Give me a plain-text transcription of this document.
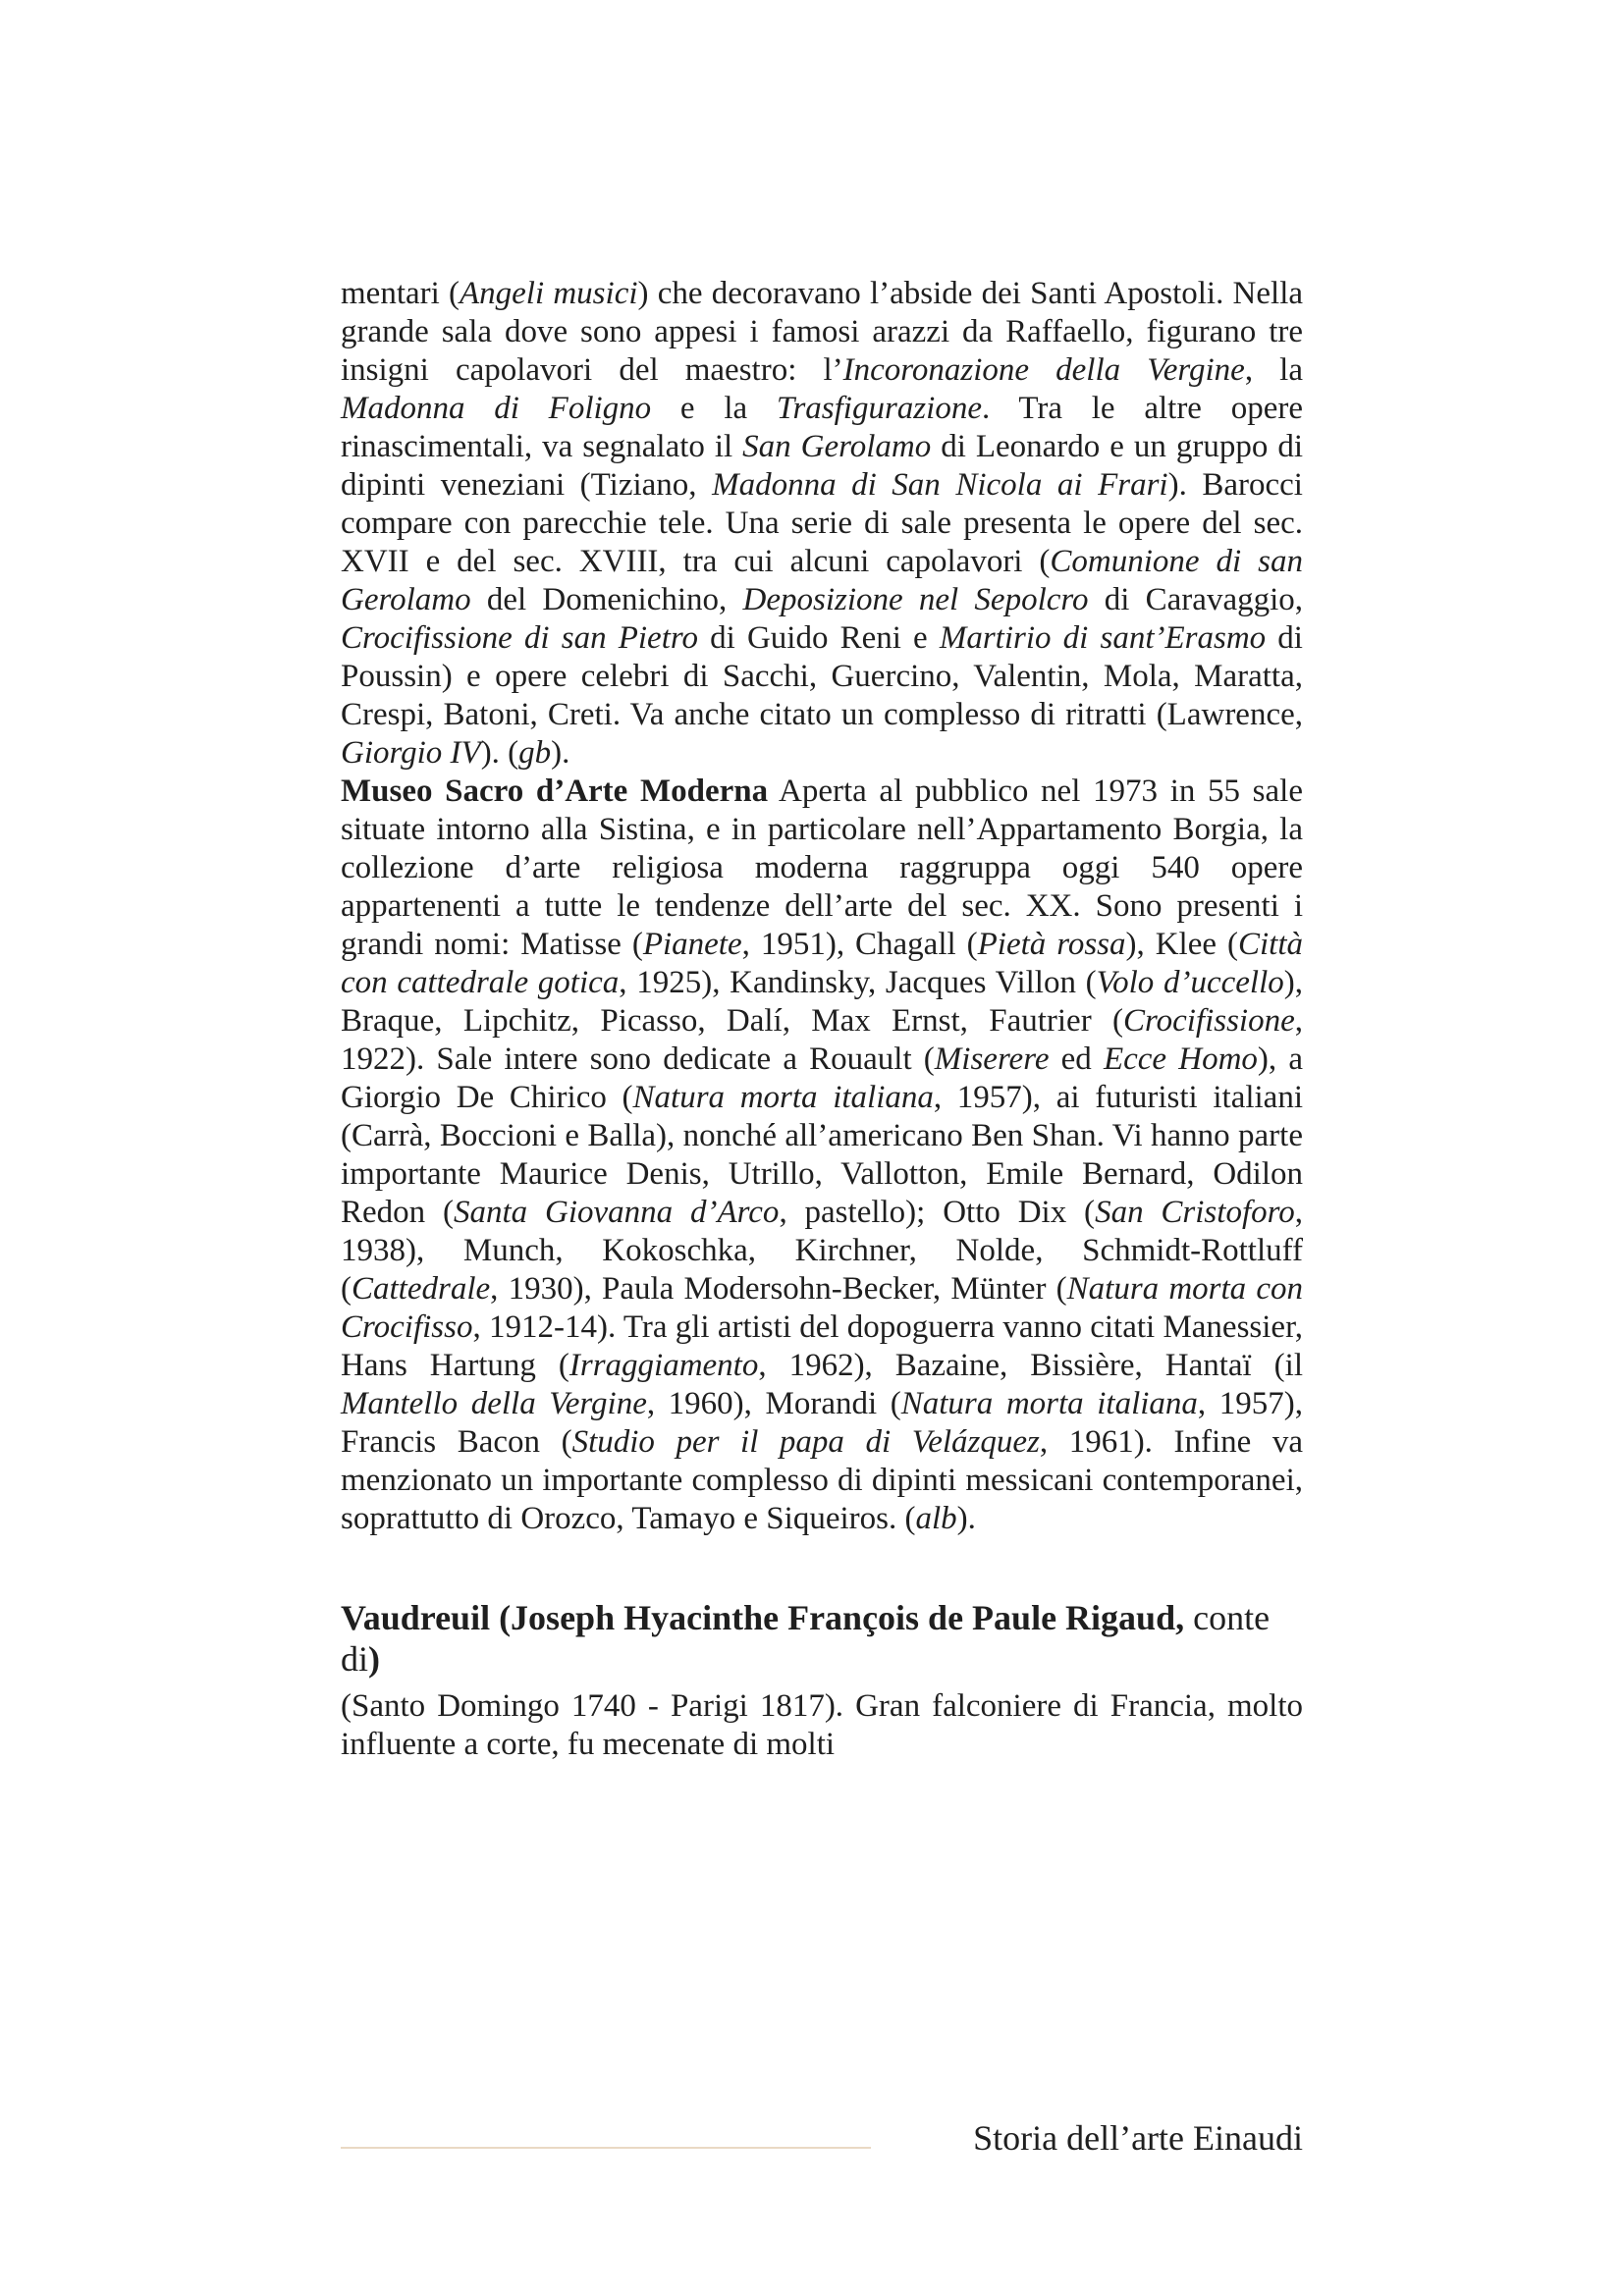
mentari (Angeli musici) che decoravano l’abside dei Santi Apostoli. Nella grande sala dove sono appesi i famosi arazzi da Raffaello, figurano tre insigni capolavori del maestro: l’Incoronazione della Vergine, la Madonna di Foligno e la Trasfigurazione. Tra le altre opere rinascimentali, va segnalato il San Gerolamo di Leonardo e un gruppo di dipinti veneziani (Tiziano, Madonna di San Nicola ai Frari). Barocci compare con parecchie tele. Una serie di sale presenta le opere del sec. XVII e del sec. XVIII, tra cui alcuni capolavori (Comunione di san Gerolamo del Domenichino, Deposizione nel Sepolcro di Caravaggio, Crocifissione di san Pietro di Guido Reni e Martirio di sant’Erasmo di Poussin) e opere celebri di Sacchi, Guercino, Valentin, Mola, Maratta, Crespi, Batoni, Creti. Va anche citato un complesso di ritratti (Lawrence, Giorgio IV). (gb).

Museo Sacro d’Arte Moderna Aperta al pubblico nel 1973 in 55 sale situate intorno alla Sistina, e in particolare nell’Appartamento Borgia, la collezione d’arte religiosa moderna raggruppa oggi 540 opere appartenenti a tutte le tendenze dell’arte del sec. XX. Sono presenti i grandi nomi: Matisse (Pianete, 1951), Chagall (Pietà rossa), Klee (Città con cattedrale gotica, 1925), Kandinsky, Jacques Villon (Volo d’uccello), Braque, Lipchitz, Picasso, Dalí, Max Ernst, Fautrier (Crocifissione, 1922). Sale intere sono dedicate a Rouault (Miserere ed Ecce Homo), a Giorgio De Chirico (Natura morta italiana, 1957), ai futuristi italiani (Carrà, Boccioni e Balla), nonché all’americano Ben Shan. Vi hanno parte importante Maurice Denis, Utrillo, Vallotton, Emile Bernard, Odilon Redon (Santa Giovanna d’Arco, pastello); Otto Dix (San Cristoforo, 1938), Munch, Kokoschka, Kirchner, Nolde, Schmidt-Rottluff (Cattedrale, 1930), Paula Modersohn-Becker, Münter (Natura morta con Crocifisso, 1912-14). Tra gli artisti del dopoguerra vanno citati Manessier, Hans Hartung (Irraggiamento, 1962), Bazaine, Bissière, Hantaï (il Mantello della Vergine, 1960), Morandi (Natura morta italiana, 1957), Francis Bacon (Studio per il papa di Velázquez, 1961). Infine va menzionato un importante complesso di dipinti messicani contemporanei, soprattutto di Orozco, Tamayo e Siqueiros. (alb).

Vaudreuil (Joseph Hyacinthe François de Paule Rigaud, conte di)

(Santo Domingo 1740 - Parigi 1817). Gran falconiere di Francia, molto influente a corte, fu mecenate di molti

Storia dell’arte Einaudi
